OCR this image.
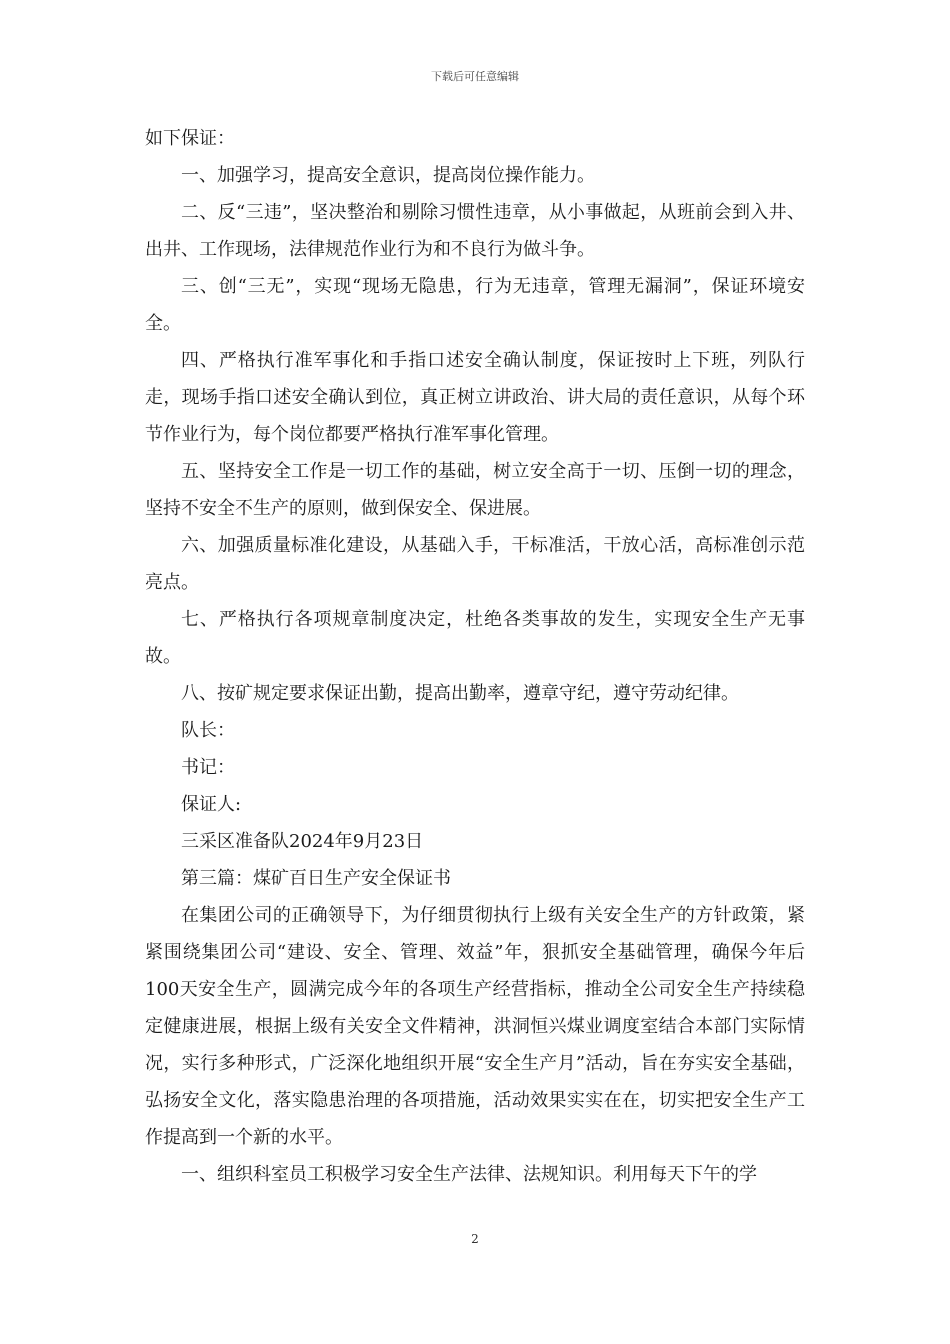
下载后可任意编辑

如下保证：

一、加强学习，提高安全意识，提高岗位操作能力。

二、反“三违”，坚决整治和剔除习惯性违章，从小事做起，从班前会到入井、出井、工作现场，法律规范作业行为和不良行为做斗争。

三、创“三无”，实现“现场无隐患，行为无违章，管理无漏洞”，保证环境安全。

四、严格执行准军事化和手指口述安全确认制度，保证按时上下班，列队行走，现场手指口述安全确认到位，真正树立讲政治、讲大局的责任意识，从每个环节作业行为，每个岗位都要严格执行准军事化管理。

五、坚持安全工作是一切工作的基础，树立安全高于一切、压倒一切的理念，坚持不安全不生产的原则，做到保安全、保进展。

六、加强质量标准化建设，从基础入手，干标准活，干放心活，高标准创示范亮点。

七、严格执行各项规章制度决定，杜绝各类事故的发生，实现安全生产无事故。

八、按矿规定要求保证出勤，提高出勤率，遵章守纪，遵守劳动纪律。

队长：

书记：

保证人:

三采区准备队2024年9月23日

第三篇：煤矿百日生产安全保证书

在集团公司的正确领导下，为仔细贯彻执行上级有关安全生产的方针政策，紧紧围绕集团公司“建设、安全、管理、效益”年，狠抓安全基础管理，确保今年后100天安全生产，圆满完成今年的各项生产经营指标，推动全公司安全生产持续稳定健康进展，根据上级有关安全文件精神，洪洞恒兴煤业调度室结合本部门实际情况，实行多种形式，广泛深化地组织开展“安全生产月”活动，旨在夯实安全基础，弘扬安全文化，落实隐患治理的各项措施，活动效果实实在在，切实把安全生产工作提高到一个新的水平。

一、组织科室员工积极学习安全生产法律、法规知识。利用每天下午的学

2
